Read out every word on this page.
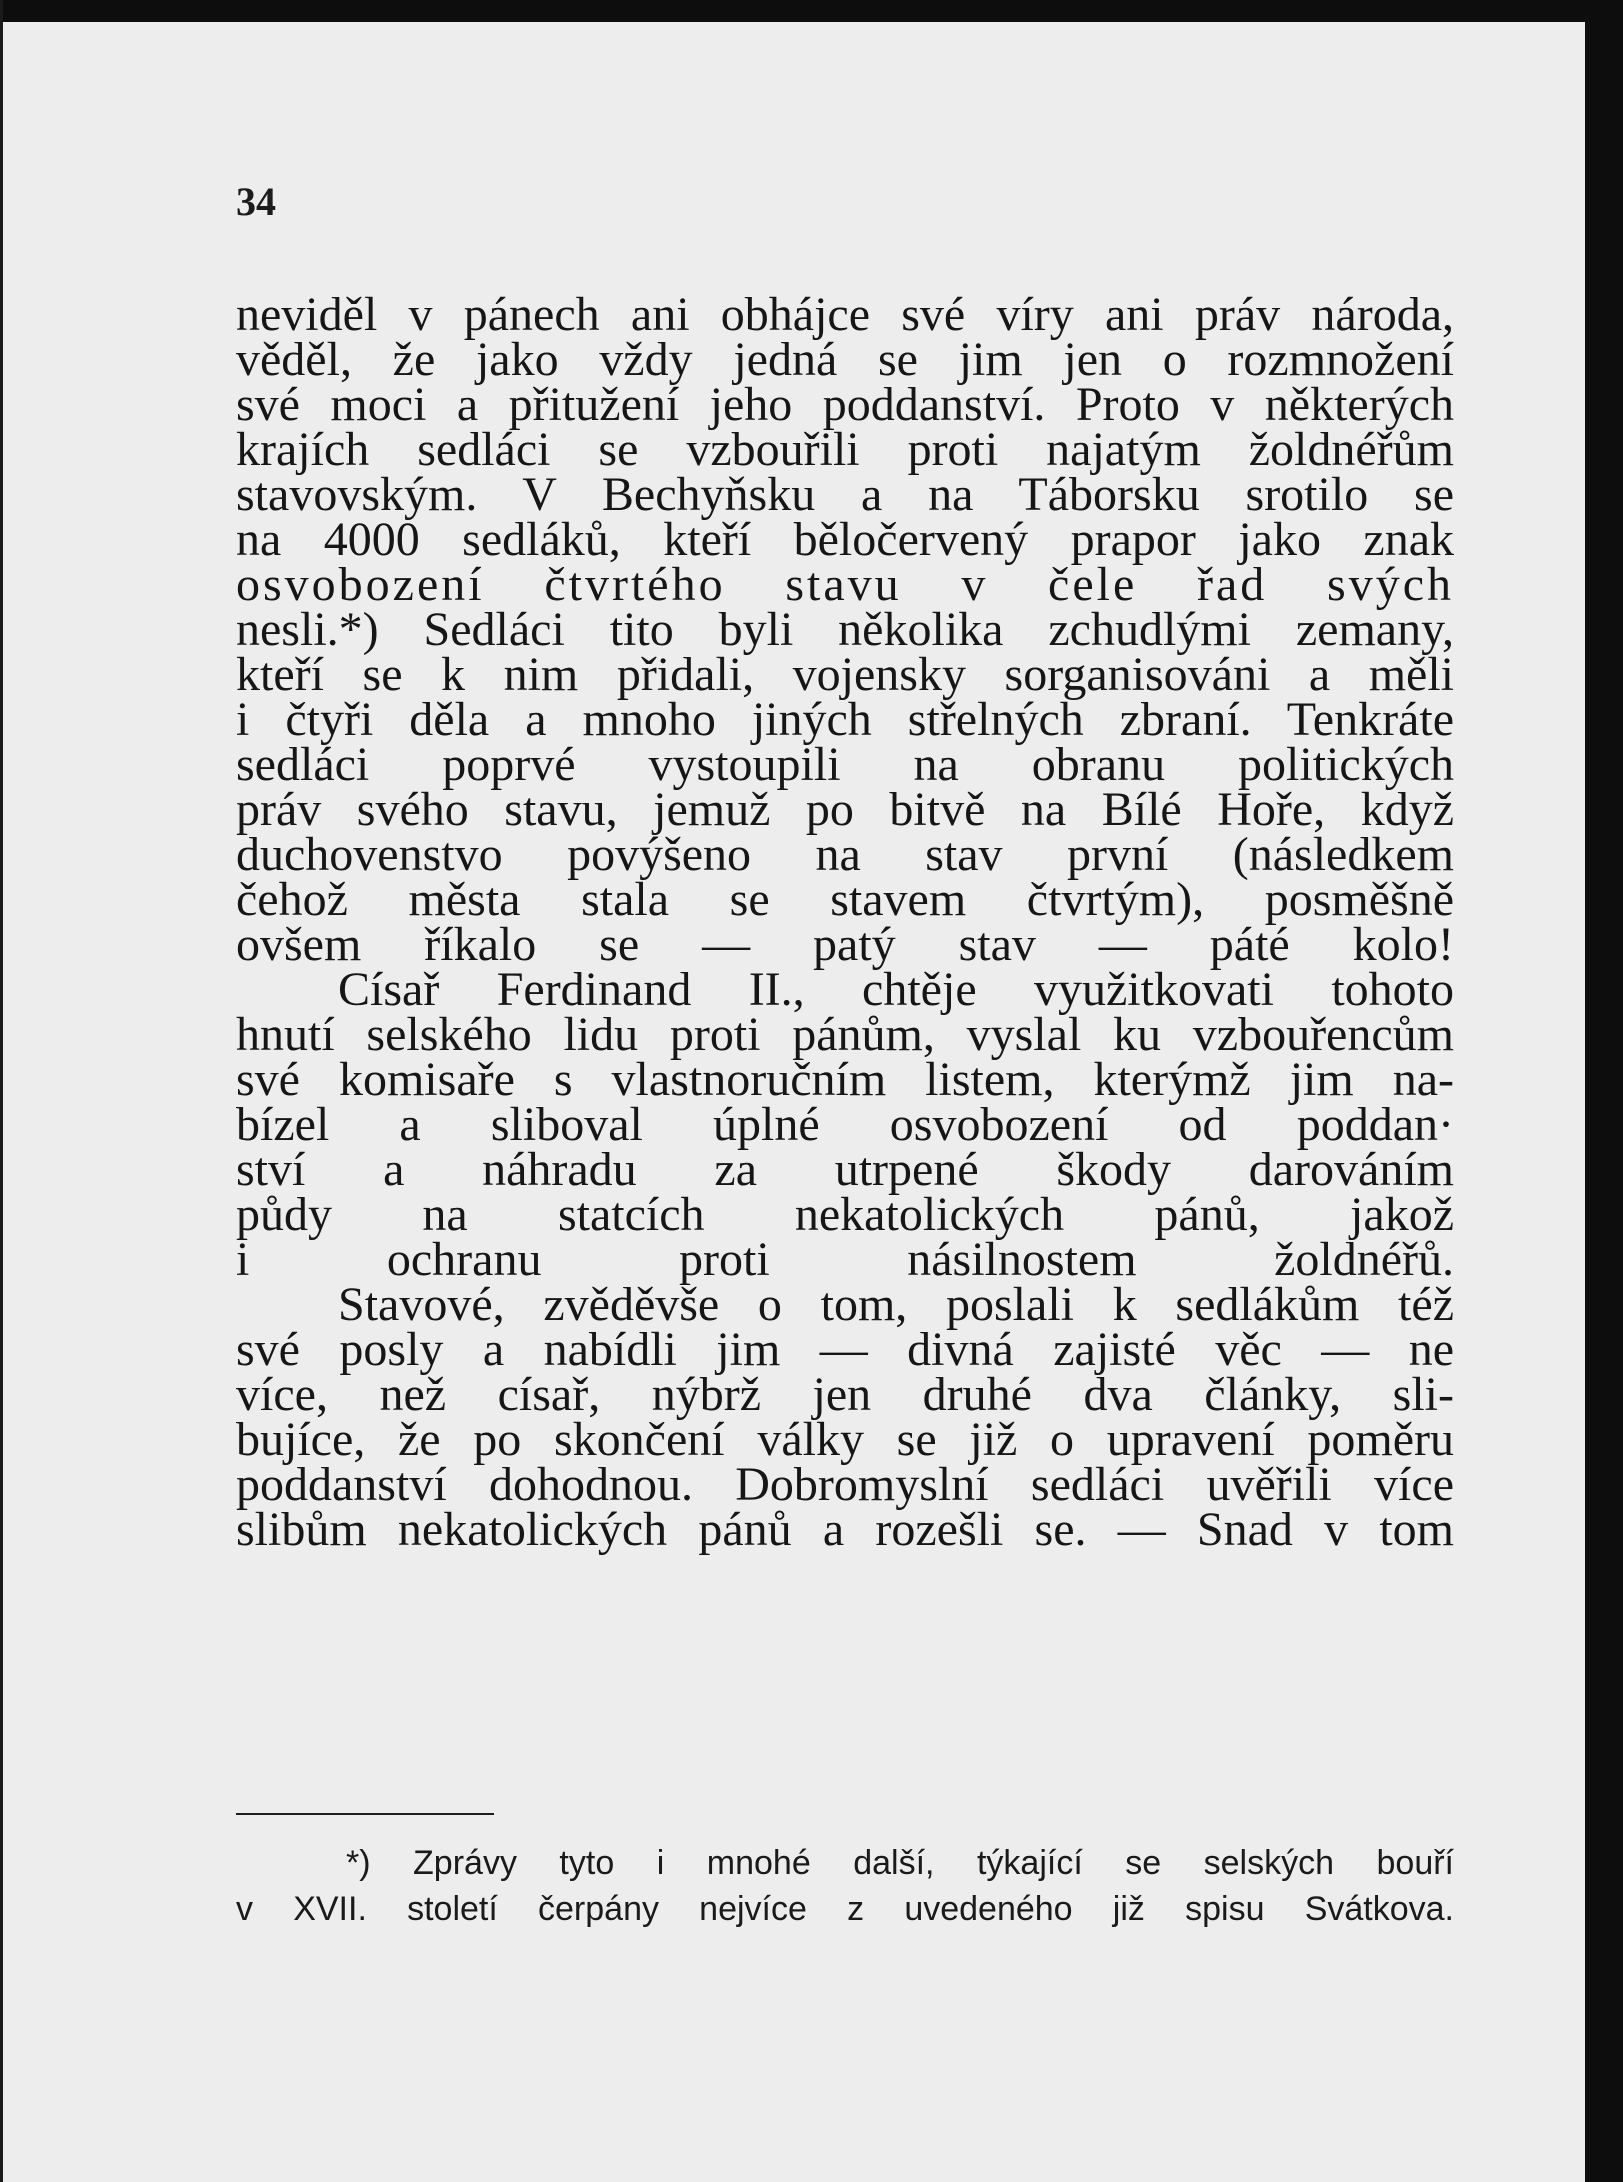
34
neviděl v pánech ani obhájce své víry ani práv národa,
věděl, že jako vždy jedná se jim jen o rozmnožení
své moci a přitužení jeho poddanství. Proto v některých
krajích sedláci se vzbouřili proti najatým žoldnéřům
stavovským. V Bechyňsku a na Táborsku srotilo se
na 4000 sedláků, kteří běločervený prapor jako znak
osvobození čtvrtého stavu v čele řad svých
nesli.*) Sedláci tito byli několika zchudlými zemany,
kteří se k nim přidali, vojensky sorganisováni a měli
i čtyři děla a mnoho jiných střelných zbraní. Tenkráte
sedláci poprvé vystoupili na obranu politických
práv svého stavu, jemuž po bitvě na Bílé Hoře, když
duchovenstvo povýšeno na stav první (následkem
čehož města stala se stavem čtvrtým), posměšně
ovšem říkalo se — patý stav — páté kolo!
Císař Ferdinand II., chtěje využitkovati tohoto
hnutí selského lidu proti pánům, vyslal ku vzbouřencům
své komisaře s vlastnoručním listem, kterýmž jim na-
bízel a sliboval úplné osvobození od poddan·
ství a náhradu za utrpené škody darováním
půdy na statcích nekatolických pánů, jakož
i ochranu proti násilnostem žoldnéřů.
Stavové, zvěděvše o tom, poslali k sedlákům též
své posly a nabídli jim — divná zajisté věc — ne
více, než císař, nýbrž jen druhé dva články, sli-
bujíce, že po skončení války se již o upravení poměru
poddanství dohodnou. Dobromyslní sedláci uvěřili více
slibům nekatolických pánů a rozešli se. — Snad v tom
*) Zprávy tyto i mnohé další, týkající se selských bouří
v XVII. století čerpány nejvíce z uvedeného již spisu Svátkova.
